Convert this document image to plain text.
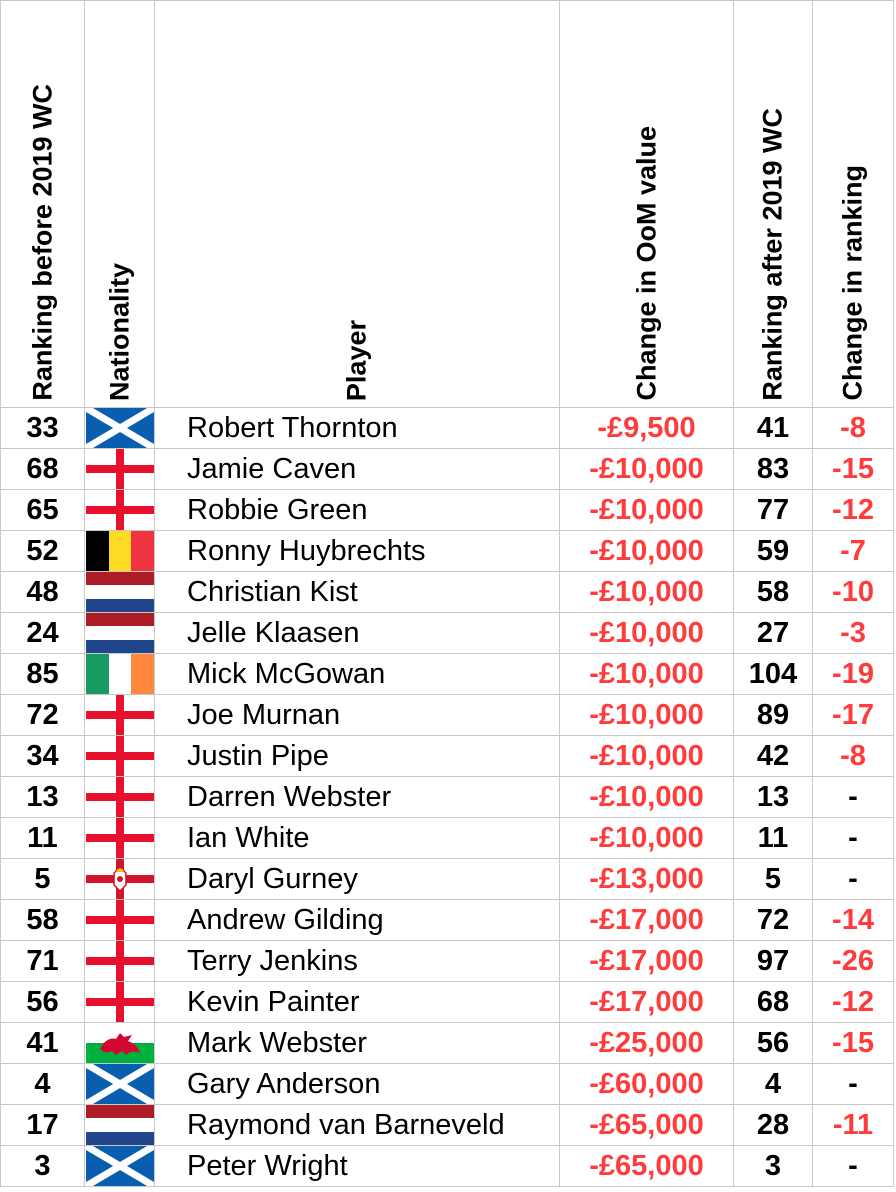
Ranking before 2019 WC	Nationality	Player	Change in OoM value	Ranking after 2019 WC	Change in ranking

33		Robert Thornton	-£9,500	41	-8
68		Jamie Caven	-£10,000	83	-15
65		Robbie Green	-£10,000	77	-12
52		Ronny Huybrechts	-£10,000	59	-7
48		Christian Kist	-£10,000	58	-10
24		Jelle Klaasen	-£10,000	27	-3
85		Mick McGowan	-£10,000	104	-19
72		Joe Murnan	-£10,000	89	-17
34		Justin Pipe	-£10,000	42	-8
13		Darren Webster	-£10,000	13	-
11		Ian White	-£10,000	11	-
5		Daryl Gurney	-£13,000	5	-
58		Andrew Gilding	-£17,000	72	-14
71		Terry Jenkins	-£17,000	97	-26
56		Kevin Painter	-£17,000	68	-12
41		Mark Webster	-£25,000	56	-15
4		Gary Anderson	-£60,000	4	-
17		Raymond van Barneveld	-£65,000	28	-11
3		Peter Wright	-£65,000	3	-
